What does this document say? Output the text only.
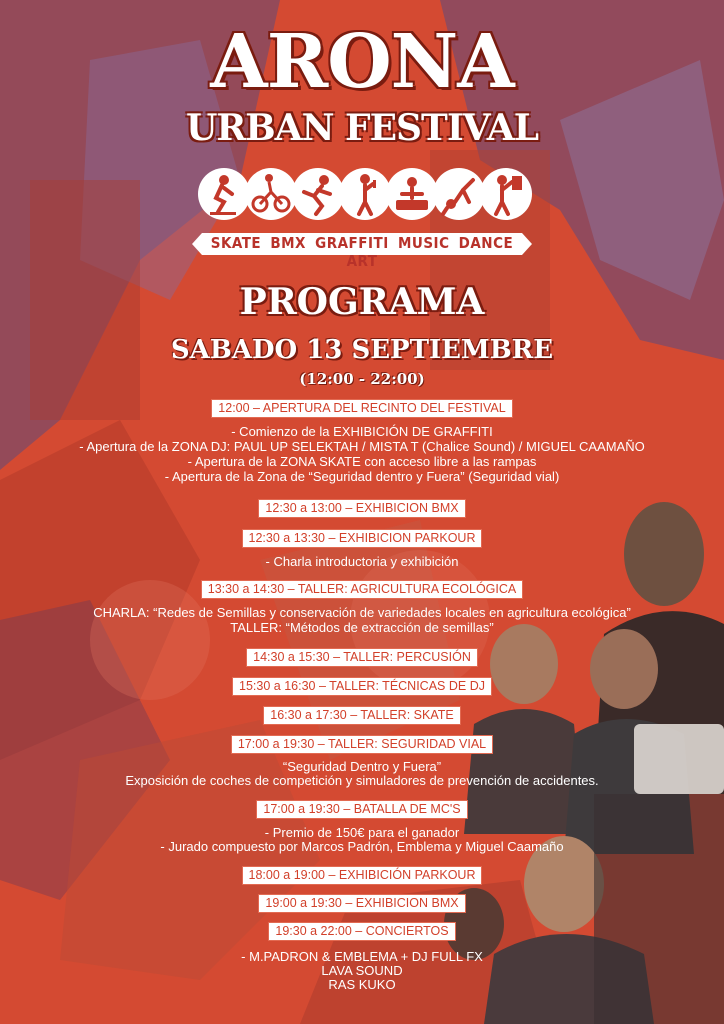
ARONA
URBAN FESTIVAL
SKATE BMX GRAFFITI MUSIC DANCE ART
PROGRAMA
SABADO 13 SEPTIEMBRE
(12:00 - 22:00)
12:00 – APERTURA DEL RECINTO DEL FESTIVAL
- Comienzo de la EXHIBICIÓN DE GRAFFITI
- Apertura de la ZONA DJ: PAUL UP SELEKTAH / MISTA T (Chalice Sound) / MIGUEL CAAMAÑO
- Apertura de la ZONA SKATE con acceso libre a las rampas
- Apertura de la Zona de “Seguridad dentro y Fuera” (Seguridad vial)
12:30 a 13:00 – EXHIBICION BMX
12:30 a 13:30 – EXHIBICION PARKOUR
- Charla introductoria y exhibición
13:30 a 14:30 – TALLER: AGRICULTURA ECOLÓGICA
CHARLA: “Redes de Semillas y conservación de variedades locales en agricultura ecológica”
TALLER: “Métodos de extracción de semillas”
14:30 a 15:30 – TALLER: PERCUSIÓN
15:30 a 16:30 – TALLER: TÉCNICAS DE DJ
16:30 a 17:30 – TALLER: SKATE
17:00 a 19:30 – TALLER: SEGURIDAD VIAL
“Seguridad Dentro y Fuera”
Exposición de coches de competición y simuladores de prevención de accidentes.
17:00 a 19:30 – BATALLA DE MC'S
- Premio de 150€ para el ganador
- Jurado compuesto por Marcos Padrón, Emblema y Miguel Caamaño
18:00 a 19:00 – EXHIBICIÓN PARKOUR
19:00 a 19:30 – EXHIBICION BMX
19:30 a 22:00 – CONCIERTOS
- M.PADRON & EMBLEMA + DJ FULL FX
LAVA SOUND
RAS KUKO
